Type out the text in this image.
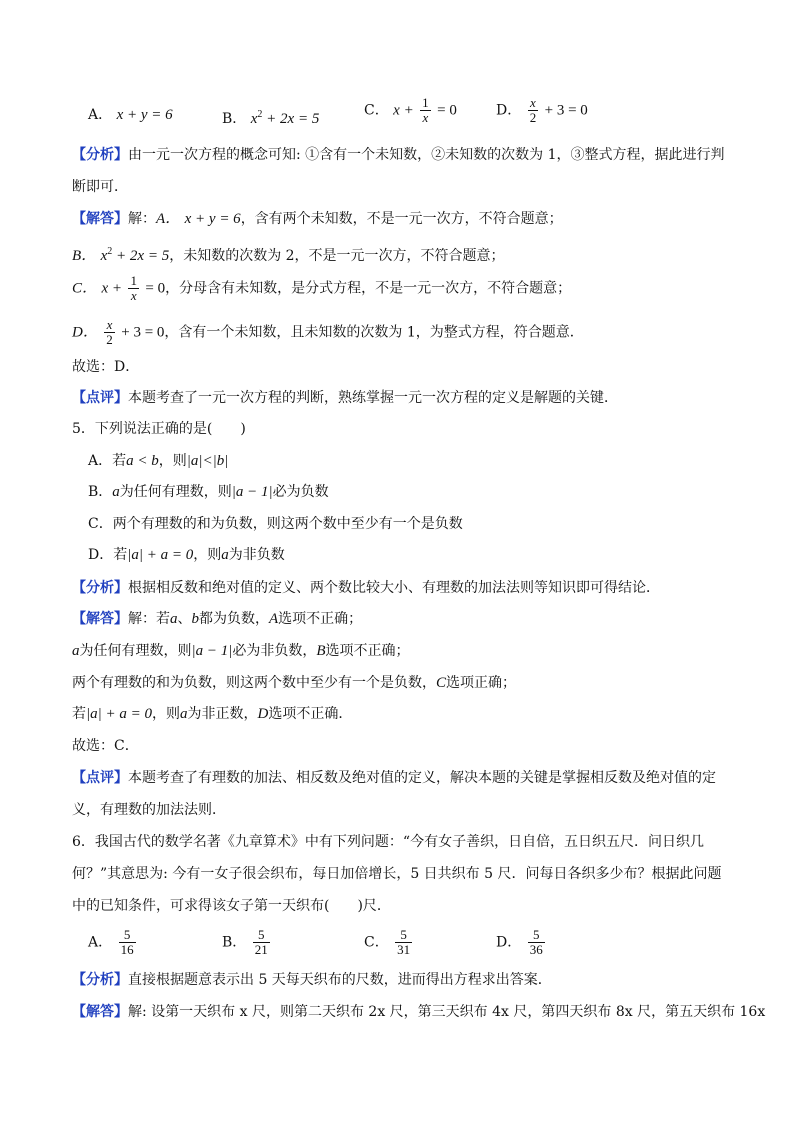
A． x + y = 6	B． $x^2 + 2x = 5$
C． $x + \frac{1}{x} = 0$	D． $\frac{x}{2} + 3 = 0$
【分析】由一元一次方程的概念可知: ①含有一个未知数，②未知数的次数为 1，③整式方程，据此进行判
断即可．
【解答】解：A． x + y = 6，含有两个未知数，不是一元一次方，不符合题意；
B． $x^2 + 2x = 5$，未知数的次数为 2，不是一元一次方，不符合题意；
C． $x + \frac{1}{x} = 0$，分母含有未知数，是分式方程，不是一元一次方，不符合题意；
D． $\frac{x}{2} + 3 = 0$，含有一个未知数，且未知数的次数为 1，为整式方程，符合题意．
故选：D．
【点评】本题考查了一元一次方程的判断，熟练掌握一元一次方程的定义是解题的关键．
5．下列说法正确的是(　　)
A．若a < b，则|a|<|b|
B．a为任何有理数，则|a − 1|必为负数
C．两个有理数的和为负数，则这两个数中至少有一个是负数
D．若|a| + a = 0，则a为非负数
【分析】根据相反数和绝对值的定义、两个数比较大小、有理数的加法法则等知识即可得结论．
【解答】解：若a、b都为负数，A选项不正确；
a为任何有理数，则|a − 1|必为非负数，B选项不正确；
两个有理数的和为负数，则这两个数中至少有一个是负数，C选项正确；
若|a| + a = 0，则a为非正数，D选项不正确．
故选：C．
【点评】本题考查了有理数的加法、相反数及绝对值的定义，解决本题的关键是掌握相反数及绝对值的定
义，有理数的加法法则．
6．我国古代的数学名著《九章算术》中有下列问题：“今有女子善织，日自倍，五日织五尺．问日织几
何？”其意思为: 今有一女子很会织布，每日加倍增长，5 日共织布 5 尺．问每日各织多少布？根据此问题
中的已知条件，可求得该女子第一天织布(　　)尺．
A． $\frac{5}{16}$	B． $\frac{5}{21}$	C． $\frac{5}{31}$	D． $\frac{5}{36}$
【分析】直接根据题意表示出 5 天每天织布的尺数，进而得出方程求出答案．
【解答】解: 设第一天织布 x 尺，则第二天织布 2x 尺，第三天织布 4x 尺，第四天织布 8x 尺，第五天织布 16x
